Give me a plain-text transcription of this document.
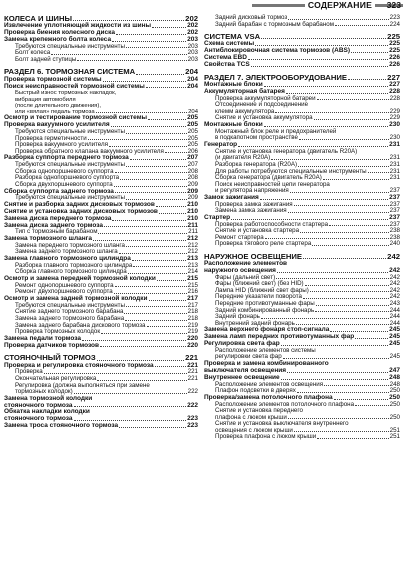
СОДЕРЖАНИЕ	323
КОЛЕСА И ШИНЫ	202
Извлечение уплотняющей жидкости из шины	202
Проверка биения колесного диска	202
Замена крепежного болта колеса	203
Требуются специальные инструменты	203
Болт колеса	203
Болт задней ступицы	203
РАЗДЕЛ 6. ТОРМОЗНАЯ СИСТЕМА	204
Проверка тормозной системы	204
Поиск неисправностей тормозной системы	204
Быстрый износ тормозных накладок,
вибрация автомобиля
(после длительного движения),
или «вялая» педаль тормоза	204
Осмотр и тестирование тормозной системы	205
Проверка вакуумного усилителя	205
Требуются специальные инструменты	205
Проверка герметичности	205
Проверка вакуумного усилителя	205
Проверка обратного клапана вакуумного усилителя	206
Разборка суппорта переднего тормоза	207
Требуются специальные инструменты	207
Сборка однопоршневого суппорта	208
Разборка однопоршневого суппорта	208
Сборка двухпоршневого суппорта	209
Сборка суппорта заднего тормоза	209
Требуются специальные инструменты	209
Снятие и разборка задних дисковых тормозов	210
Снятие и установка задних дисковых тормозов	210
Замена диска переднего тормоза	210
Замена диска заднего тормоза	211
Тип с тормозным барабаном	211
Замена тормозного шланга	212
Замена переднего тормозного шланга	212
Замена заднего тормозного шланга	212
Замена главного тормозного цилиндра	213
Разборка главного тормозного цилиндра	213
Сборка главного тормозного цилиндра	214
Осмотр и замена передней тормозной колодки	215
Ремонт однопоршневого суппорта	215
Ремонт двухпоршневого суппорта	216
Осмотр и замена задней тормозной колодки	217
Требуются специальные инструменты	217
Снятие заднего тормозного барабана	218
Замена заднего тормозного барабана	218
Замена заднего барабана дискового тормоза	219
Проверка тормозных колодок	219
Замена педали тормоза	220
Проверка датчиков тормозов	220
СТОЯНОЧНЫЙ ТОРМОЗ	221
Проверка и регулировка стояночного тормоза	221
Проверка	221
Окончательная регулировка	221
Регулировка (должна выполняться при замене
тормозных колодок)	222
Замена тормозной колодки
стояночного тормоза	222
Обкатка накладки колодки
стояночного тормоза	223
Замена троса стояночного тормоза	223
Задний дисковый тормоз	223
Задний барабан с тормозным барабаном	224
СИСТЕМА VSA	225
Схема системы	225
Антиблокировочная система тормозов (ABS)	225
Система EBD	226
Свойства TCS	226
РАЗДЕЛ 7. ЭЛЕКТРООБОРУДОВАНИЕ	227
Монтажные блоки	227
Аккумуляторная батарея	228
Проверка аккумуляторной батареи	228
Отсоединение и подсоединение
клемм аккумулятора	229
Снятие и установка аккумулятора	229
Монтажные блоки	230
Монтажный блок реле и предохранителей
в подкапотном пространстве	230
Генератор	231
Снятие и установка генератора (двигатель R20A)
(и двигателя R20A)	231
Разборка генератора (R20A)	231
Для работы потребуются специальные инструменты	231
Сборка генератора (двигатель R20A)	231
Поиск неисправностей цепи генератора
и регулятора напряжения	237
Замок зажигания	237
Проверка замка зажигания	237
Замена замка зажигания	237
Стартер	237
Проверка работоспособности стартера	237
Снятие и установка стартера	238
Ремонт стартера	238
Проверка тягового реле стартера	240
НАРУЖНОЕ ОСВЕЩЕНИЕ	242
Расположение элементов
наружного освещения	242
Фары (дальний свет)	242
Фары (ближний свет) (без HID)	242
Лампа HID (ближний свет фары)	242
Передние указатели поворота	242
Передние противотуманные фары	243
Задний комбинированный фонарь	244
Задний фонарь	244
Внутренний задний фонарь	244
Замена верхнего фонаря стоп-сигнала	245
Замена ламп передних противотуманных фар	245
Регулировка света фар	245
Расположение элементов системы
регулировки света фар	245
Проверка и замена комбинированного
выключателя освещения	247
Внутреннее освещение	248
Расположение элементов освещения	248
Плафон подсветки в дверях	250
Проверка/замена потолочного плафона	250
Расположение элементов потолочного плафона	250
Снятие и установка переднего
плафона с люком крыши	250
Снятие и установка выключателя внутреннего
освещения с люком крыши	251
Проверка плафона с люком крыши	251
